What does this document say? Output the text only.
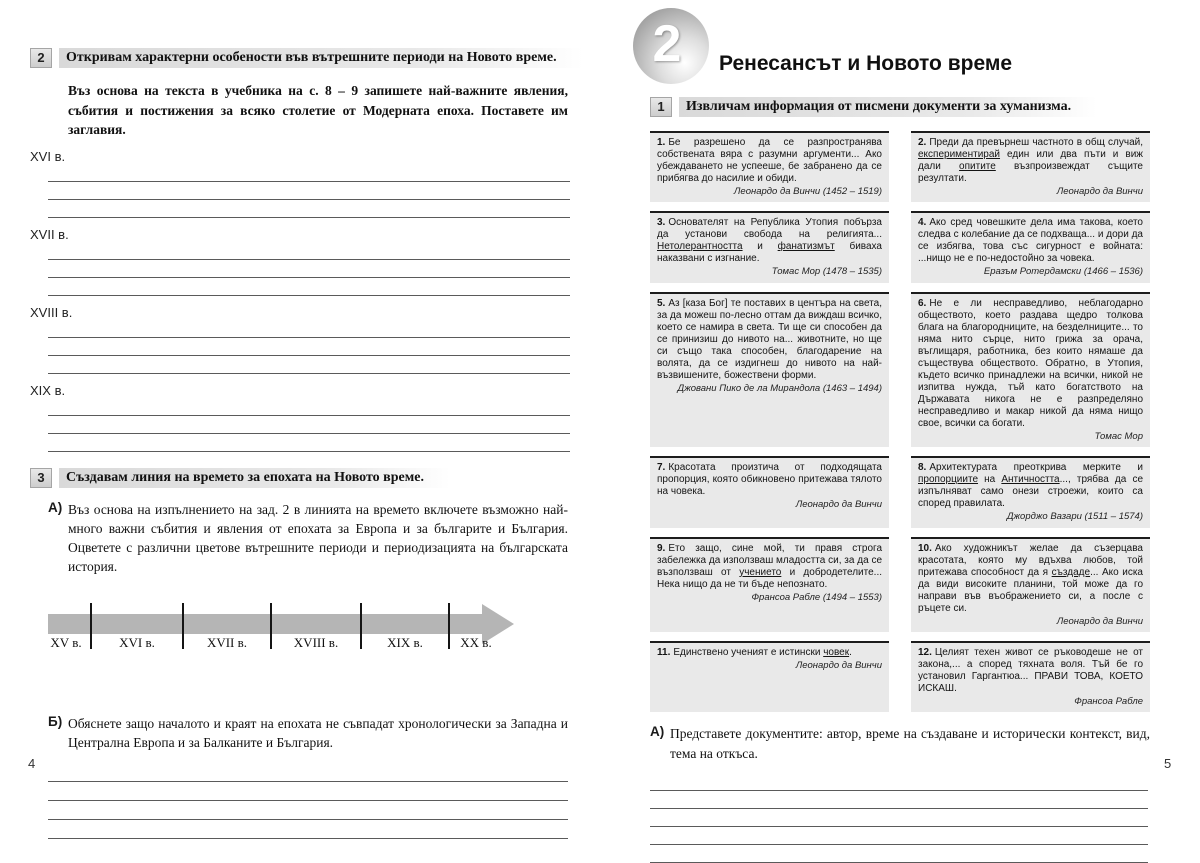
2	Откривам характерни особености във вътрешните периоди на Новото време.

Въз основа на текста в учебника на с. 8 – 9 запишете най-важните явления, събития и постижения за всяко столетие от Модерната епоха. Поставете им заглавия.

XVI в.
XVII в.
XVIII в.
XIX в.
3	Създавам линия на времето за епохата на Новото време.
А) Въз основа на изпълнението на зад. 2 в линията на времето включете възможно най-много важни събития и явления от епохата за Европа и за българите и България. Оцветете с различни цветове вътрешните периоди и периодизацията на българската история.
XV в.	XVI в.	XVII в.	XVIII в.	XIX в.	XX в.
Б) Обяснете защо началото и краят на епохата не съвпадат хронологически за Западна и Централна Европа и за Балканите и България.
4
2 Ренесансът и Новото време
1	Извличам информация от писмени документи за хуманизма.
1. Бе разрешено да се разпространява собствената вяра с разумни аргументи... Ако убеждаването не успееше, бе забранено да се прибягва до насилие и обиди.
Леонардо да Винчи (1452 – 1519)
2. Преди да превърнеш частното в общ случай, експериментирай един или два пъти и виж дали опитите възпроизвеждат същите резултати.
Леонардо да Винчи
3. Основателят на Република Утопия побърза да установи свобода на религията... Нетолерантността и фанатизмът биваха наказвани с изгнание.
Томас Мор (1478 – 1535)
4. Ако сред човешките дела има такова, което следва с колебание да се подхваща... и дори да се избягва, това със сигурност е войната: ...нищо не е по-недостойно за човека.
Еразъм Ротердамски (1466 – 1536)
5. Аз [каза Бог] те поставих в центъра на света, за да можеш по-лесно оттам да виждаш всичко, което се намира в света. Ти ще си способен да се принизиш до нивото на... животните, но ще си също така способен, благодарение на волята, да се издигнеш до нивото на най-възвишените, божествени форми.
Джовани Пико де ла Мирандола (1463 – 1494)
6. Не е ли несправедливо, неблагодарно обществото, което раздава щедро толкова блага на благородниците, на безделниците... то няма нито сърце, нито грижа за орача, въглищаря, работника, без които нямаше да съществува обществото. Обратно, в Утопия, където всичко принадлежи на всички, никой не изпитва нужда, тъй като богатството на Държавата никога не е разпределяно несправедливо и макар никой да няма нищо свое, всички са богати.
Томас Мор
7. Красотата произтича от подходящата пропорция, която обикновено притежава тялото на човека.
Леонардо да Винчи
8. Архитектурата преоткрива мерките и пропорциите на Античността..., трябва да се изпълняват само онези строежи, които са според правилата.
Джорджо Вазари (1511 – 1574)
9. Ето защо, сине мой, ти правя строга забележка да използваш младостта си, за да се възползваш от учението и добродетелите... Нека нищо да не ти бъде непознато.
Франсоа Рабле (1494 – 1553)
10. Ако художникът желае да съзерцава красотата, която му вдъхва любов, той притежава способност да я създаде... Ако иска да види високите планини, той може да го направи във въображението си, а после с ръцете си.
Леонардо да Винчи
11. Единствено ученият е истински човек.
Леонардо да Винчи
12. Целият техен живот се ръководеше не от закона,... а според тяхната воля. Тъй бе го установил Гаргантюа... ПРАВИ ТОВА, КОЕТО ИСКАШ.
Франсоа Рабле
А) Представете документите: автор, време на създаване и исторически контекст, вид, тема на откъса.
5
